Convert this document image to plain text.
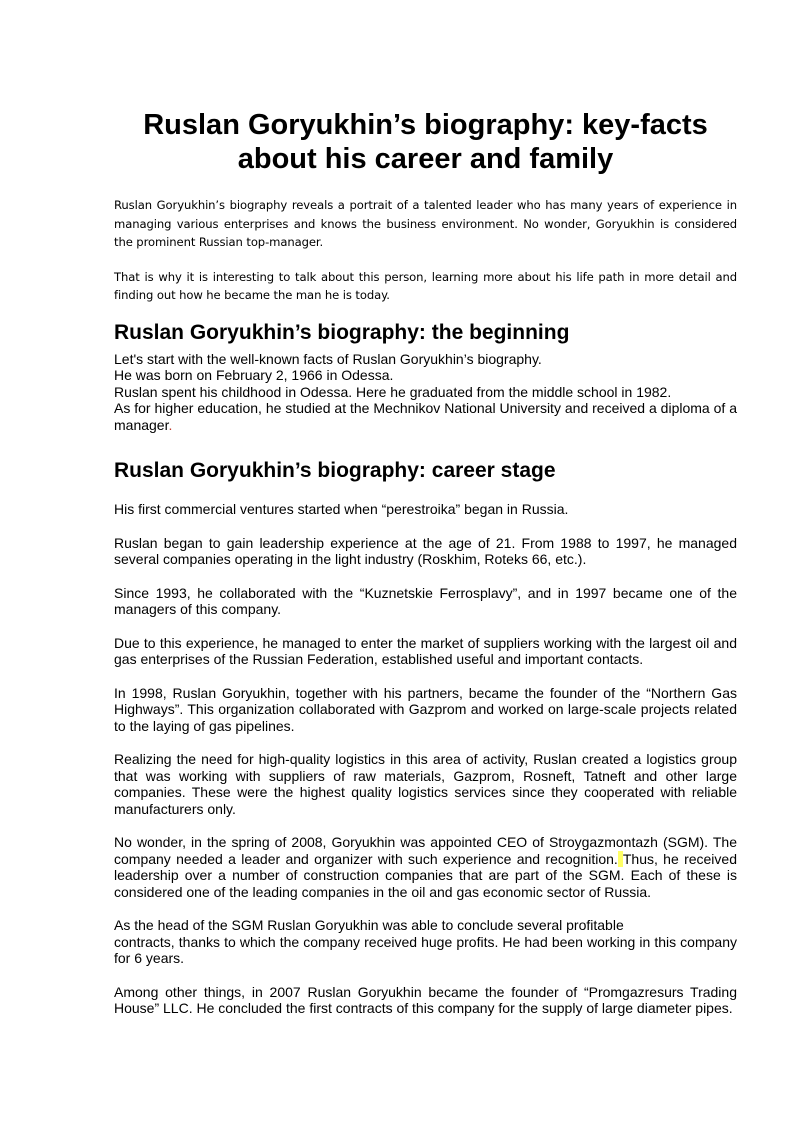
Ruslan Goryukhin’s biography: key-facts about his career and family

Ruslan Goryukhin’s biography reveals a portrait of a talented leader who has many years of experience in managing various enterprises and knows the business environment. No wonder, Goryukhin is considered the prominent Russian top-manager.

That is why it is interesting to talk about this person, learning more about his life path in more detail and finding out how he became the man he is today.

Ruslan Goryukhin’s biography: the beginning
Let's start with the well-known facts of Ruslan Goryukhin’s biography.
He was born on February 2, 1966 in Odessa.
Ruslan spent his childhood in Odessa. Here he graduated from the middle school in 1982.
As for higher education, he studied at the Mechnikov National University and received a diploma of a manager.
Ruslan Goryukhin’s biography: career stage

His first commercial ventures started when “perestroika” began in Russia.

Ruslan began to gain leadership experience at the age of 21. From 1988 to 1997, he managed several companies operating in the light industry (Roskhim, Roteks 66, etc.).

Since 1993, he collaborated with the “Kuznetskie Ferrosplavy”, and in 1997 became one of the managers of this company.

Due to this experience, he managed to enter the market of suppliers working with the largest oil and gas enterprises of the Russian Federation, established useful and important contacts.

In 1998, Ruslan Goryukhin, together with his partners, became the founder of the “Northern Gas Highways”. This organization collaborated with Gazprom and worked on large-scale projects related to the laying of gas pipelines.

Realizing the need for high-quality logistics in this area of activity, Ruslan created a logistics group that was working with suppliers of raw materials, Gazprom, Rosneft, Tatneft and other large companies. These were the highest quality logistics services since they cooperated with reliable manufacturers only.

No wonder, in the spring of 2008, Goryukhin was appointed CEO of Stroygazmontazh (SGM). The company needed a leader and organizer with such experience and recognition. Thus, he received leadership over a number of construction companies that are part of the SGM. Each of these is considered one of the leading companies in the oil and gas economic sector of Russia.

As the head of the SGM Ruslan Goryukhin was able to conclude several profitable
contracts, thanks to which the company received huge profits. He had been working in this company for 6 years.

Among other things, in 2007 Ruslan Goryukhin became the founder of “Promgazresurs Trading House” LLC. He concluded the first contracts of this company for the supply of large diameter pipes.
